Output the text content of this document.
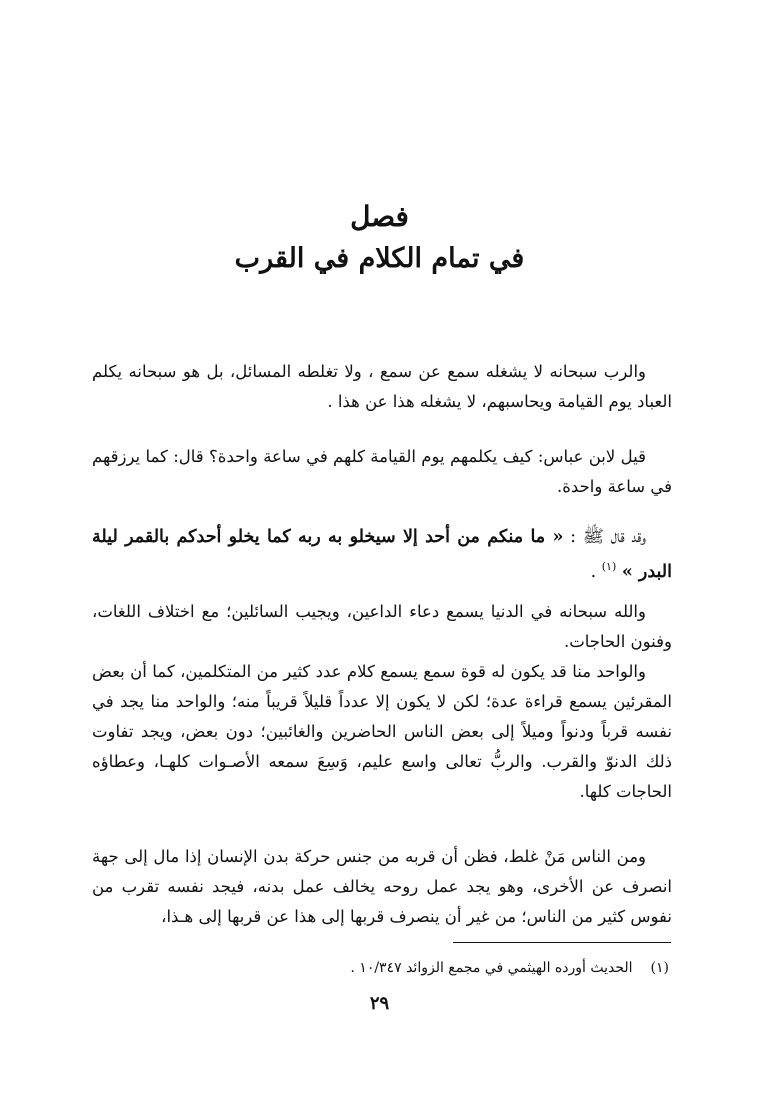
فصل
في تمام الكلام في القرب

والرب سبحانه لا يشغله سمع عن سمع ، ولا تغلطه المسائل، بل هو سبحانه يكلم العباد يوم القيامة ويحاسبهم، لا يشغله هذا عن هذا .

قيل لابن عباس: كيف يكلمهم يوم القيامة كلهم في ساعة واحدة؟ قال: كما يرزقهم في ساعة واحدة.

وقد قال ﷺ : « ما منكم من أحد إلا سيخلو به ربه كما يخلو أحدكم بالقمر ليلة البدر » $^{(١)}$ .

والله سبحانه في الدنيا يسمع دعاء الداعين، ويجيب السائلين؛ مع اختلاف اللغات، وفنون الحاجات.

والواحد منا قد يكون له قوة سمع يسمع كلام عدد كثير من المتكلمين، كما أن بعض المقرئين يسمع قراءة عدة؛ لكن لا يكون إلا عدداً قليلاً قريباً منه؛ والواحد منا يجد في نفسه قرباً ودنواً وميلاً إلى بعض الناس الحاضرين والغائبين؛ دون بعض، ويجد تفاوت ذلك الدنوّ والقرب. والربُّ تعالى واسع عليم، وَسِعَ سمعه الأصـوات كلهـا، وعطاؤه الحاجات كلها.

ومن الناس مَنْ غلط، فظن أن قربه من جنس حركة بدن الإنسان إذا مال إلى جهة انصرف عن الأخرى، وهو يجد عمل روحه يخالف عمل بدنه، فيجد نفسه تقرب من نفوس كثير من الناس؛ من غير أن ينصرف قربها إلى هذا عن قربها إلى هـذا،

(١)الحديث أورده الهيثمي في مجمع الزوائد ١٠/٣٤٧ .
٢٩
